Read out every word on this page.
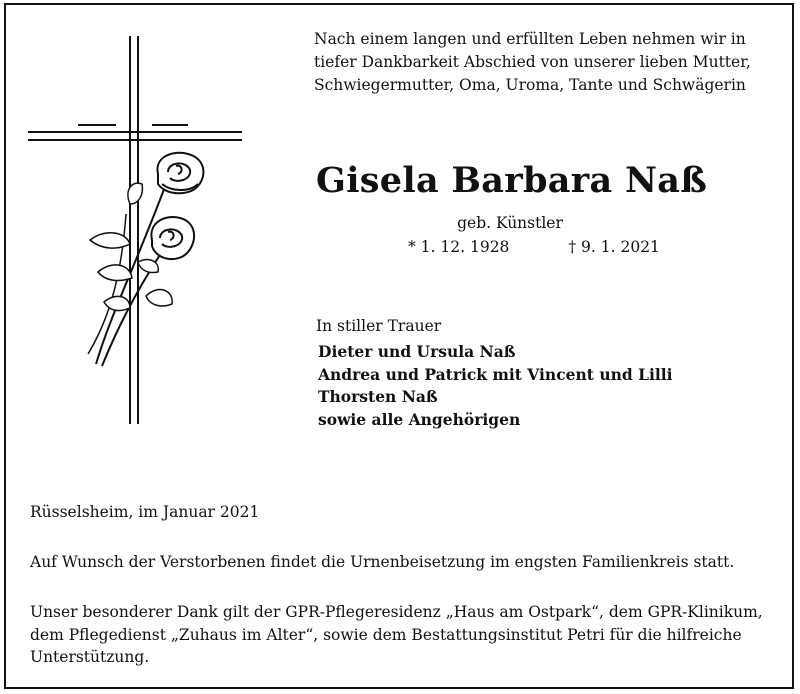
Nach einem langen und erfüllten Leben nehmen wir in
tiefer Dankbarkeit Abschied von unserer lieben Mutter,
Schwiegermutter, Oma, Uroma, Tante und Schwägerin
Gisela Barbara Naß
geb. Künstler
* 1. 12. 1928	† 9. 1. 2021
In stiller Trauer
Dieter und Ursula Naß
Andrea und Patrick mit Vincent und Lilli
Thorsten Naß
sowie alle Angehörigen
Rüsselsheim, im Januar 2021
Auf Wunsch der Verstorbenen findet die Urnenbeisetzung im engsten Familienkreis statt.
Unser besonderer Dank gilt der GPR-Pflegeresidenz „Haus am Ostpark“, dem GPR-Klinikum,
dem Pflegedienst „Zuhaus im Alter“, sowie dem Bestattungsinstitut Petri für die hilfreiche
Unterstützung.
